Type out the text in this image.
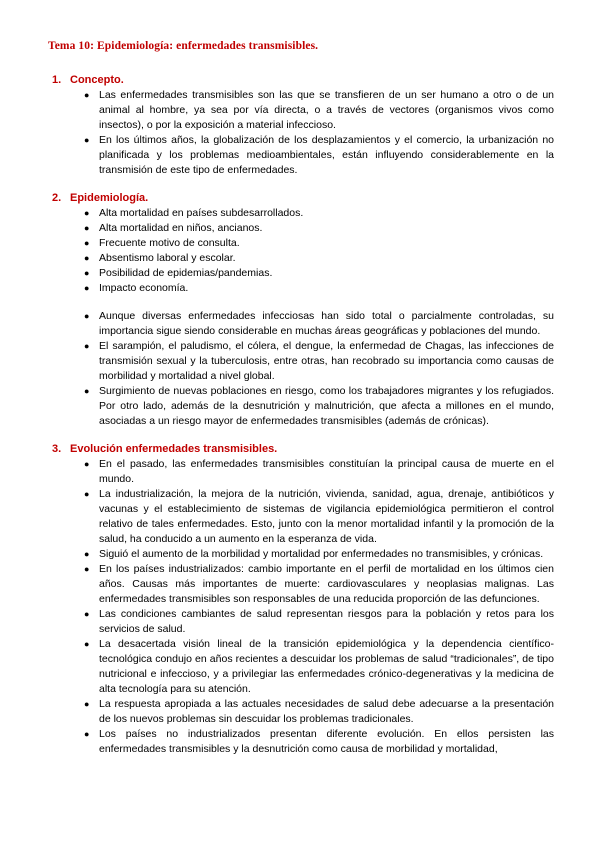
Tema 10: Epidemiología: enfermedades transmisibles.
1. Concepto.
● Las enfermedades transmisibles son las que se transfieren de un ser humano a otro o de un animal al hombre, ya sea por vía directa, o a través de vectores (organismos vivos como insectos), o por la exposición a material infeccioso.
● En los últimos años, la globalización de los desplazamientos y el comercio, la urbanización no planificada y los problemas medioambientales, están influyendo considerablemente en la transmisión de este tipo de enfermedades.
2. Epidemiología.
● Alta mortalidad en países subdesarrollados.
● Alta mortalidad en niños, ancianos.
● Frecuente motivo de consulta.
● Absentismo laboral y escolar.
● Posibilidad de epidemias/pandemias.
● Impacto economía.
● Aunque diversas enfermedades infecciosas han sido total o parcialmente controladas, su importancia sigue siendo considerable en muchas áreas geográficas y poblaciones del mundo.
● El sarampión, el paludismo, el cólera, el dengue, la enfermedad de Chagas, las infecciones de transmisión sexual y la tuberculosis, entre otras, han recobrado su importancia como causas de morbilidad y mortalidad a nivel global.
● Surgimiento de nuevas poblaciones en riesgo, como los trabajadores migrantes y los refugiados. Por otro lado, además de la desnutrición y malnutrición, que afecta a millones en el mundo, asociadas a un riesgo mayor de enfermedades transmisibles (además de crónicas).
3. Evolución enfermedades transmisibles.
● En el pasado, las enfermedades transmisibles constituían la principal causa de muerte en el mundo.
● La industrialización, la mejora de la nutrición, vivienda, sanidad, agua, drenaje, antibióticos y vacunas y el establecimiento de sistemas de vigilancia epidemiológica permitieron el control relativo de tales enfermedades. Esto, junto con la menor mortalidad infantil y la promoción de la salud, ha conducido a un aumento en la esperanza de vida.
● Siguió el aumento de la morbilidad y mortalidad por enfermedades no transmisibles, y crónicas.
● En los países industrializados: cambio importante en el perfil de mortalidad en los últimos cien años. Causas más importantes de muerte: cardiovasculares y neoplasias malignas. Las enfermedades transmisibles son responsables de una reducida proporción de las defunciones.
● Las condiciones cambiantes de salud representan riesgos para la población y retos para los servicios de salud.
● La desacertada visión lineal de la transición epidemiológica y la dependencia científico-tecnológica condujo en años recientes a descuidar los problemas de salud “tradicionales”, de tipo nutricional e infeccioso, y a privilegiar las enfermedades crónico-degenerativas y la medicina de alta tecnología para su atención.
● La respuesta apropiada a las actuales necesidades de salud debe adecuarse a la presentación de los nuevos problemas sin descuidar los problemas tradicionales.
● Los países no industrializados presentan diferente evolución. En ellos persisten las enfermedades transmisibles y la desnutrición como causa de morbilidad y mortalidad,
